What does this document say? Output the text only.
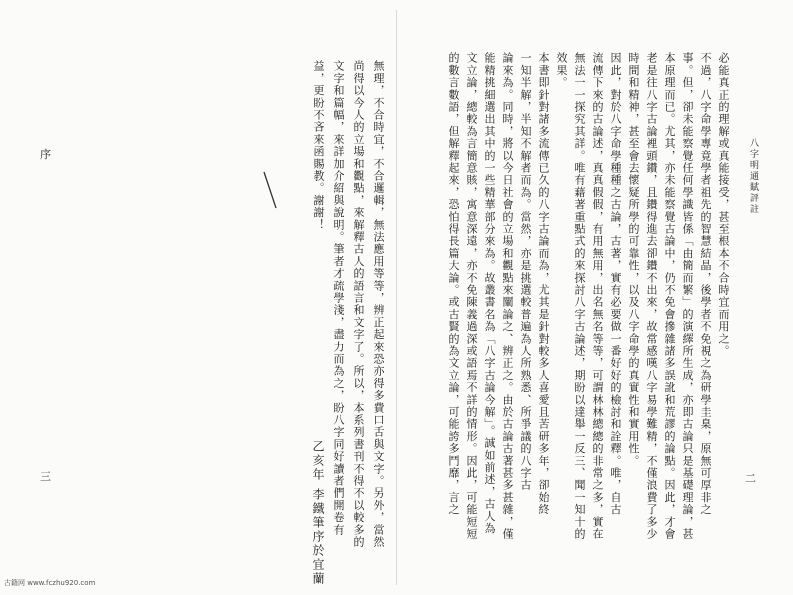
序
三	無理，不合時宜，不合邏輯，無法應用等等，辨正起來恐亦得多費口舌與文字。另外，當然
尚得以今人的立場和觀點，來解釋古人的語言和文字了。所以，本系列書刊不得不以較多的
文字和篇幅，來詳加介紹與說明。筆者才疏學淺，盡力而為之，盼八字同好讀者們開卷有
益，更盼不吝來函賜教。謝謝！
乙亥年 李鐵筆序於宜蘭
古籍网 www.fczhu920.com
八字明通賦評註
二
必能真正的理解或真能接受，甚至根本不合時宜而用之。
不過，八字命學專竟學者祖先的智慧結晶，後學者不免視之為研學圭臬，原無可厚非之
事。但，卻未能察覺任何學識皆係「由簡而繁」的演繹所生成，亦即古論只是基礎理論，甚
本原理而已。尤其，亦未能察覺古論中，仍不免會摻雜諸多誤訛和荒謬的論點。因此，才會
老是往八字古論裡頭鑽，且鑽得進去卻鑽不出來，故常感嘆八字易學難精，不僅浪費了多少
時間和精神，甚至會去懷疑所學的可靠性，以及八字命學的真實性和實用性。
因此，對於八字命學種種之古論，古著，實有必要做一番好好的檢討和詮釋。唯，自古
流傳下來的古論述，真真假假，有用無用，出名無名等等，可謂林林總總的非常之多，實在
無法一一探究其詳。唯有藉著重點式的來探討八字古論述，期盼以達舉一反三、聞一知十的
效果。
本書即針對諸多流傳已久的八字古論而為，尤其是針對較多人喜愛且苦研多年，卻始終
一知半解，半知不解者而為。當然，亦是挑選較普遍為人所熟悉、所爭議的八字古
論來為。同時，將以今日社會的立場和觀點來闡論之、辨正之。由於古論古著甚多甚雜，僅
能精挑細選出其中的一些精華部分來為。故叢書名為「八字古論今解」。誠如前述，古人為
文立論，總較為言簡意賅，寓意深遠，亦不免陳義過深或語焉不詳的情形。因此，可能短短
的數言數語，但解釋起來，恐怕得長篇大論。或古賢的為文立論，可能誇多鬥靡，言之
